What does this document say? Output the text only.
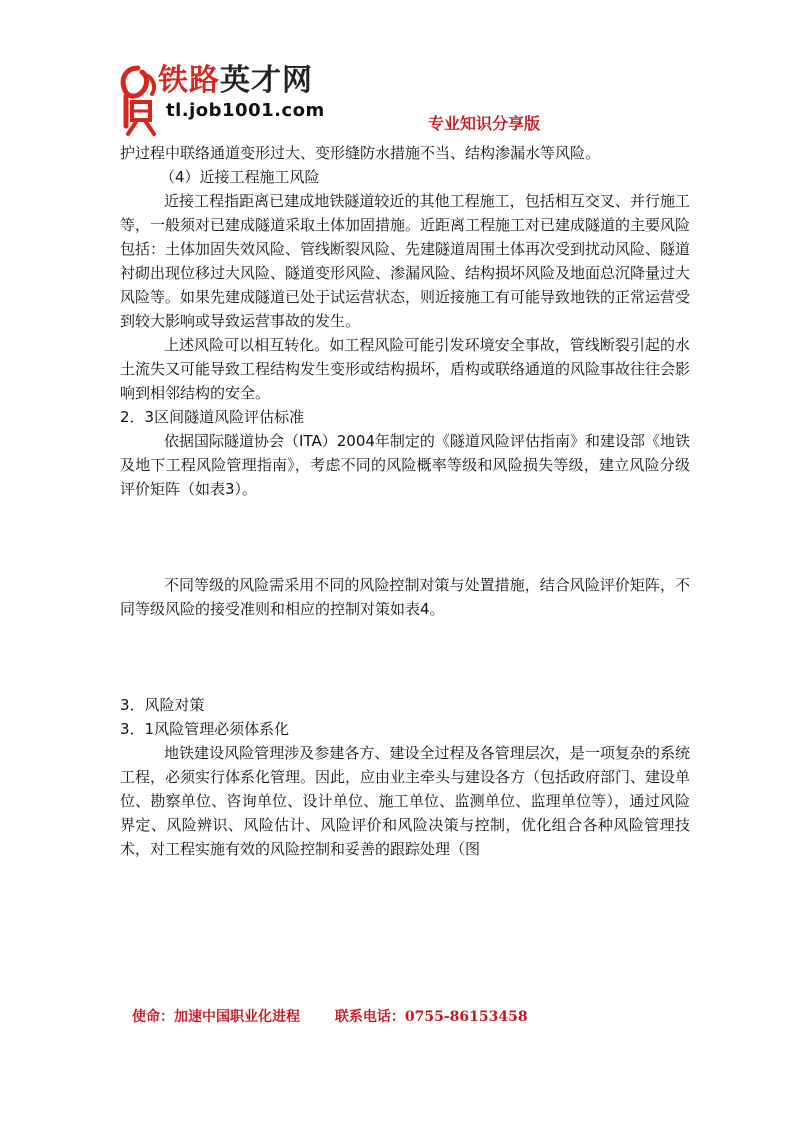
铁路英才网
tl.job1001.com
专业知识分享版

护过程中联络通道变形过大、变形缝防水措施不当、结构渗漏水等风险。

（4）近接工程施工风险

近接工程指距离已建成地铁隧道较近的其他工程施工，包括相互交叉、并行施工等，一般须对已建成隧道采取土体加固措施。近距离工程施工对已建成隧道的主要风险包括：土体加固失效风险、管线断裂风险、先建隧道周围土体再次受到扰动风险、隧道衬砌出现位移过大风险、隧道变形风险、渗漏风险、结构损坏风险及地面总沉降量过大风险等。如果先建成隧道已处于试运营状态，则近接施工有可能导致地铁的正常运营受到较大影响或导致运营事故的发生。

上述风险可以相互转化。如工程风险可能引发环境安全事故，管线断裂引起的水土流失又可能导致工程结构发生变形或结构损坏，盾构或联络通道的风险事故往往会影响到相邻结构的安全。

2．3区间隧道风险评估标准

依据国际隧道协会（ITA）2004年制定的《隧道风险评估指南》和建设部《地铁及地下工程风险管理指南》，考虑不同的风险概率等级和风险损失等级，建立风险分级评价矩阵（如表3）。

不同等级的风险需采用不同的风险控制对策与处置措施，结合风险评价矩阵，不同等级风险的接受准则和相应的控制对策如表4。

3．风险对策

3．1风险管理必须体系化

地铁建设风险管理涉及参建各方、建设全过程及各管理层次，是一项复杂的系统工程，必须实行体系化管理。因此，应由业主牵头与建设各方（包括政府部门、建设单位、勘察单位、咨询单位、设计单位、施工单位、监测单位、监理单位等），通过风险界定、风险辨识、风险估计、风险评价和风险决策与控制，优化组合各种风险管理技术，对工程实施有效的风险控制和妥善的跟踪处理（图

使命：加速中国职业化进程 联系电话：0755-86153458
